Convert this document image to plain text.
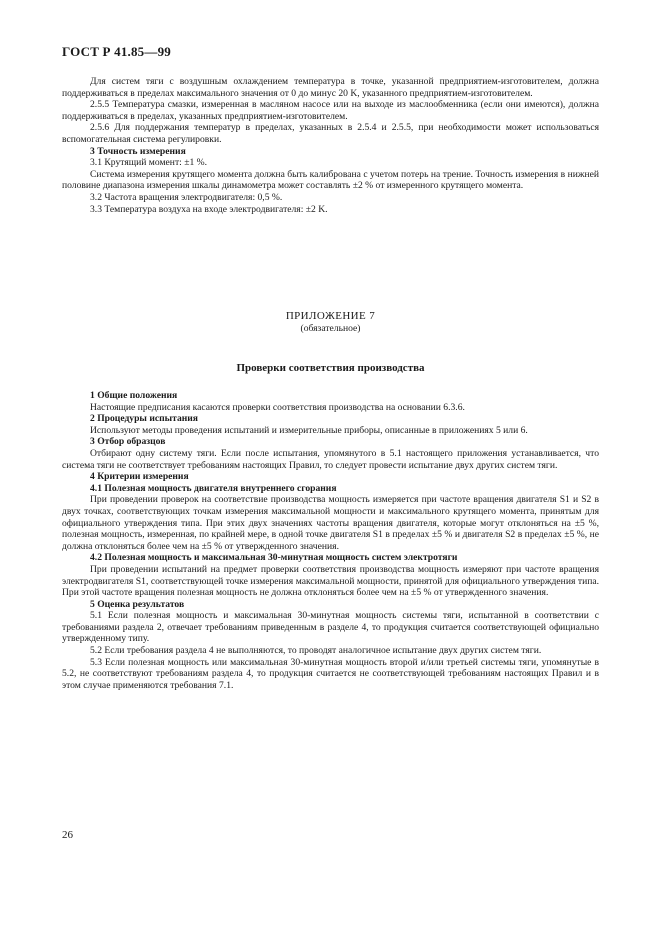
ГОСТ Р 41.85—99

Для систем тяги с воздушным охлаждением температура в точке, указанной предприятием-изготовителем, должна поддерживаться в пределах максимального значения от 0 до минус 20 K, указанного предприятием-изготовителем.

2.5.5 Температура смазки, измеренная в масляном насосе или на выходе из маслообменника (если они имеются), должна поддерживаться в пределах, указанных предприятием-изготовителем.

2.5.6 Для поддержания температур в пределах, указанных в 2.5.4 и 2.5.5, при необходимости может использоваться вспомогательная система регулировки.

3 Точность измерения

3.1 Крутящий момент: ±1 %.

Система измерения крутящего момента должна быть калибрована с учетом потерь на трение. Точность измерения в нижней половине диапазона измерения шкалы динамометра может составлять ±2 % от измеренного крутящего момента.

3.2 Частота вращения электродвигателя: 0,5 %.

3.3 Температура воздуха на входе электродвигателя: ±2 K.

ПРИЛОЖЕНИЕ 7
(обязательное)
Проверки соответствия производства

1 Общие положения

Настоящие предписания касаются проверки соответствия производства на основании 6.3.6.

2 Процедуры испытания

Используют методы проведения испытаний и измерительные приборы, описанные в приложениях 5 или 6.

3 Отбор образцов

Отбирают одну систему тяги. Если после испытания, упомянутого в 5.1 настоящего приложения устанавливается, что система тяги не соответствует требованиям настоящих Правил, то следует провести испытание двух других систем тяги.

4 Критерии измерения

4.1 Полезная мощность двигателя внутреннего сгорания

При проведении проверок на соответствие производства мощность измеряется при частоте вращения двигателя S1 и S2 в двух точках, соответствующих точкам измерения максимальной мощности и максимального крутящего момента, принятым для официального утверждения типа. При этих двух значениях частоты вращения двигателя, которые могут отклоняться на ±5 %, полезная мощность, измеренная, по крайней мере, в одной точке двигателя S1 в пределах ±5 % и двигателя S2 в пределах ±5 %, не должна отклоняться более чем на ±5 % от утвержденного значения.

4.2 Полезная мощность и максимальная 30-минутная мощность систем электротяги

При проведении испытаний на предмет проверки соответствия производства мощность измеряют при частоте вращения электродвигателя S1, соответствующей точке измерения максимальной мощности, принятой для официального утверждения типа. При этой частоте вращения полезная мощность не должна отклоняться более чем на ±5 % от утвержденного значения.

5 Оценка результатов

5.1 Если полезная мощность и максимальная 30-минутная мощность системы тяги, испытанной в соответствии с требованиями раздела 2, отвечает требованиям приведенным в разделе 4, то продукция считается соответствующей официально утвержденному типу.

5.2 Если требования раздела 4 не выполняются, то проводят аналогичное испытание двух других систем тяги.

5.3 Если полезная мощность или максимальная 30-минутная мощность второй и/или третьей системы тяги, упомянутые в 5.2, не соответствуют требованиям раздела 4, то продукция считается не соответствующей требованиям настоящих Правил и в этом случае применяются требования 7.1.

26
